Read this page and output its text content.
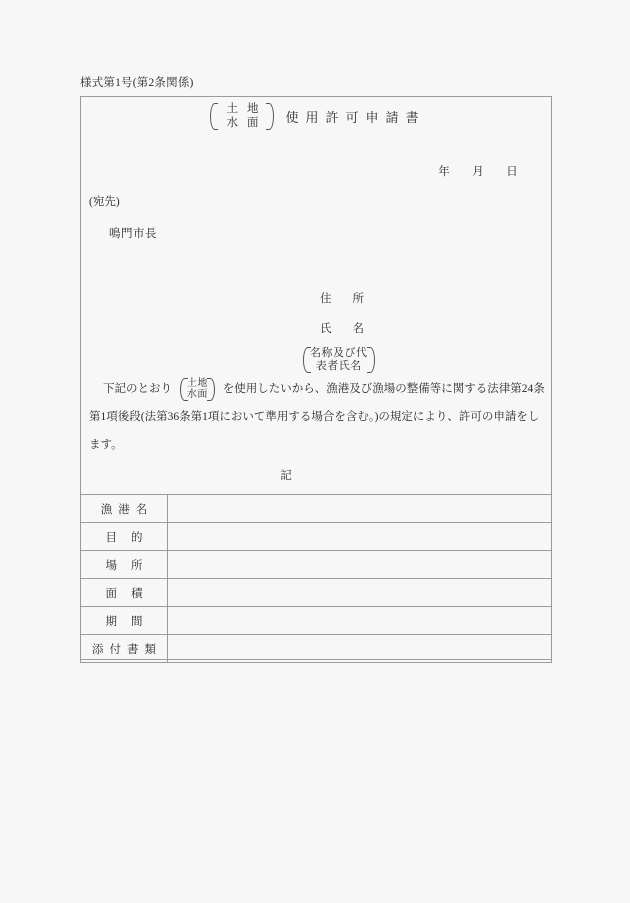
様式第1号(第2条関係)
土地
水面	使用許可申請書
年 月 日
(宛先)
鳴門市長
住所
氏名
名称及び代
表者氏名
下記のとおり 土地
水面 を使用したいから、漁港及び漁場の整備等に関する法律第24条
第1項後段(法第36条第1項において準用する場合を含む。)の規定により、許可の申請をし
ます。
記
漁港名	
目的	
場所	
面積	
期間	
添付書類	
